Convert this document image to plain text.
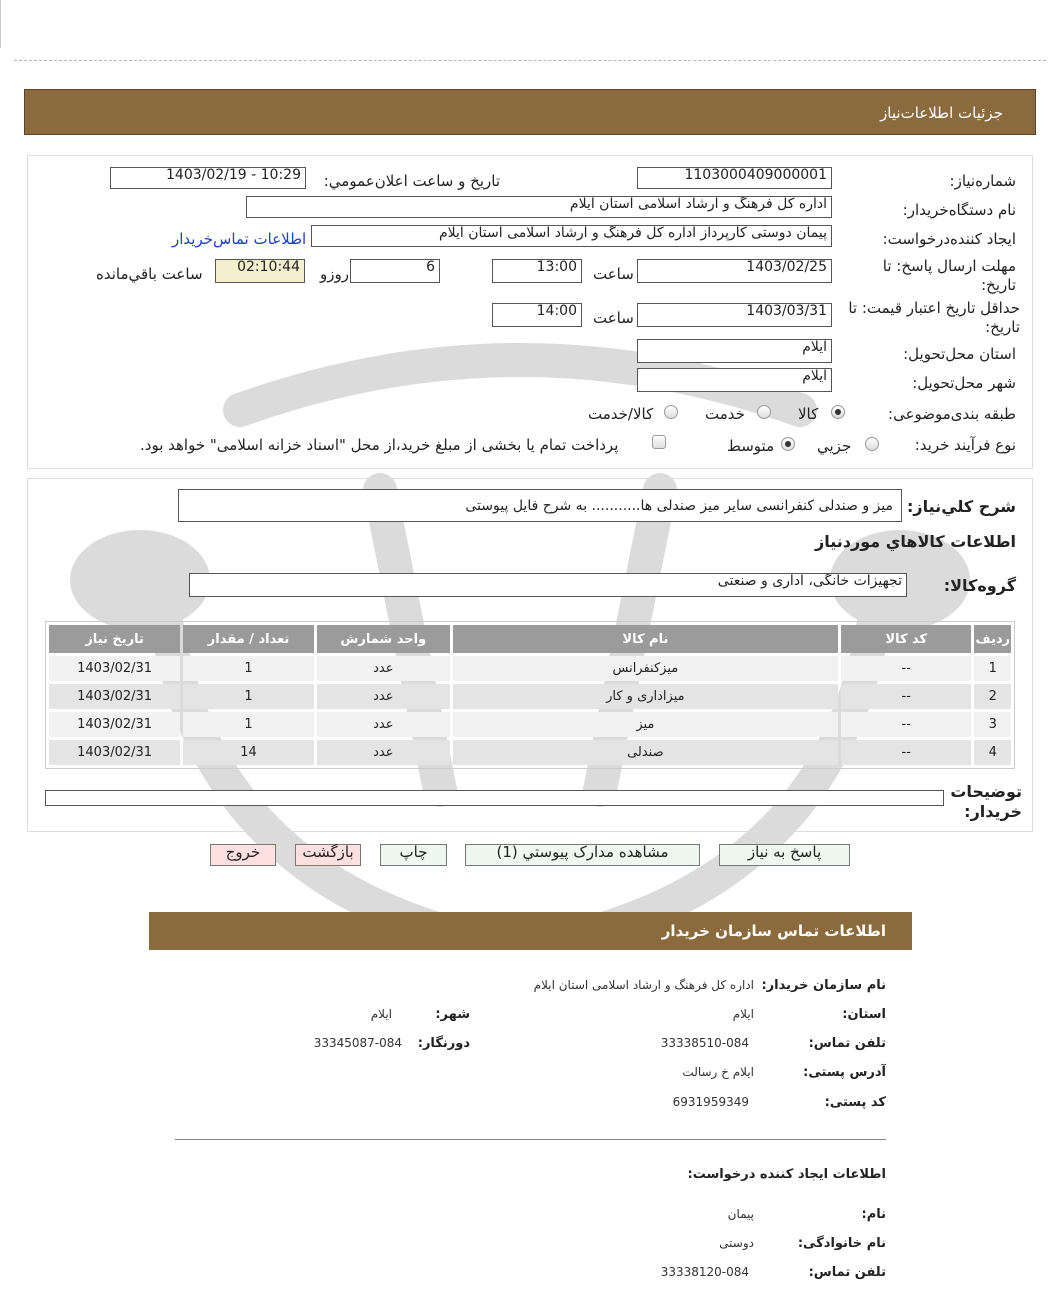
جزئیات اطلاعات‌نیاز
شماره‌نیاز:
1103000409000001
تاريخ و ساعت اعلان‌عمومي:
1403/02/19 - 10:29
نام دستگاه‌خريدار:
اداره کل فرهنگ و ارشاد اسلامی استان ایلام
ايجاد کننده‌درخواست:
پیمان دوستی کارپرداز اداره کل فرهنگ و ارشاد اسلامی استان ایلام
اطلاعات تماس‌خريدار
مهلت ارسال پاسخ: تا تاريخ:
1403/02/25
ساعت
13:00
6
روزو
02:10:44
ساعت باقي‌مانده
حداقل تاريخ اعتبار قيمت: تا تاريخ:
1403/03/31
ساعت
14:00
استان محل‌تحويل:
ایلام
شهر محل‌تحويل:
ایلام
طبقه بندی‌موضوعی:
کالا
خدمت
کالا/خدمت
نوع فرآيند خريد:
جزيي
متوسط
پرداخت تمام يا بخشی از مبلغ خريد،از محل "اسناد خزانه اسلامی" خواهد بود.
شرح کلي‌نياز:
میز و صندلی کنفرانسی سایر میز صندلی ها........... به شرح فایل پیوستی
اطلاعات کالاهاي موردنياز
گروه‌کالا:
تجهیزات خانگی، اداری و صنعتی
رديف	کد کالا	نام کالا	واحد شمارش	تعداد / مقدار	تاريخ نياز
1	--	میزکنفرانس	عدد	1	1403/02/31
2	--	میزاداری و کار	عدد	1	1403/02/31
3	--	میز	عدد	1	1403/02/31
4	--	صندلی	عدد	14	1403/02/31
توضيحات خريدار:
پاسخ به نياز
مشاهده مدارک پيوستي (1)
چاپ
بازگشت
خروج
اطلاعات تماس سازمان خریدار
نام سازمان خریدار:
اداره کل فرهنگ و ارشاد اسلامی استان ایلام
استان:
ایلام
شهر:
ایلام
تلفن تماس:
33338510-084
دورنگار:
33345087-084
آدرس پستی:
ایلام خ رسالت
کد پستی:
6931959349
اطلاعات ایجاد کننده درخواست:
نام:
پیمان
نام خانوادگی:
دوستی
تلفن تماس:
33338120-084
